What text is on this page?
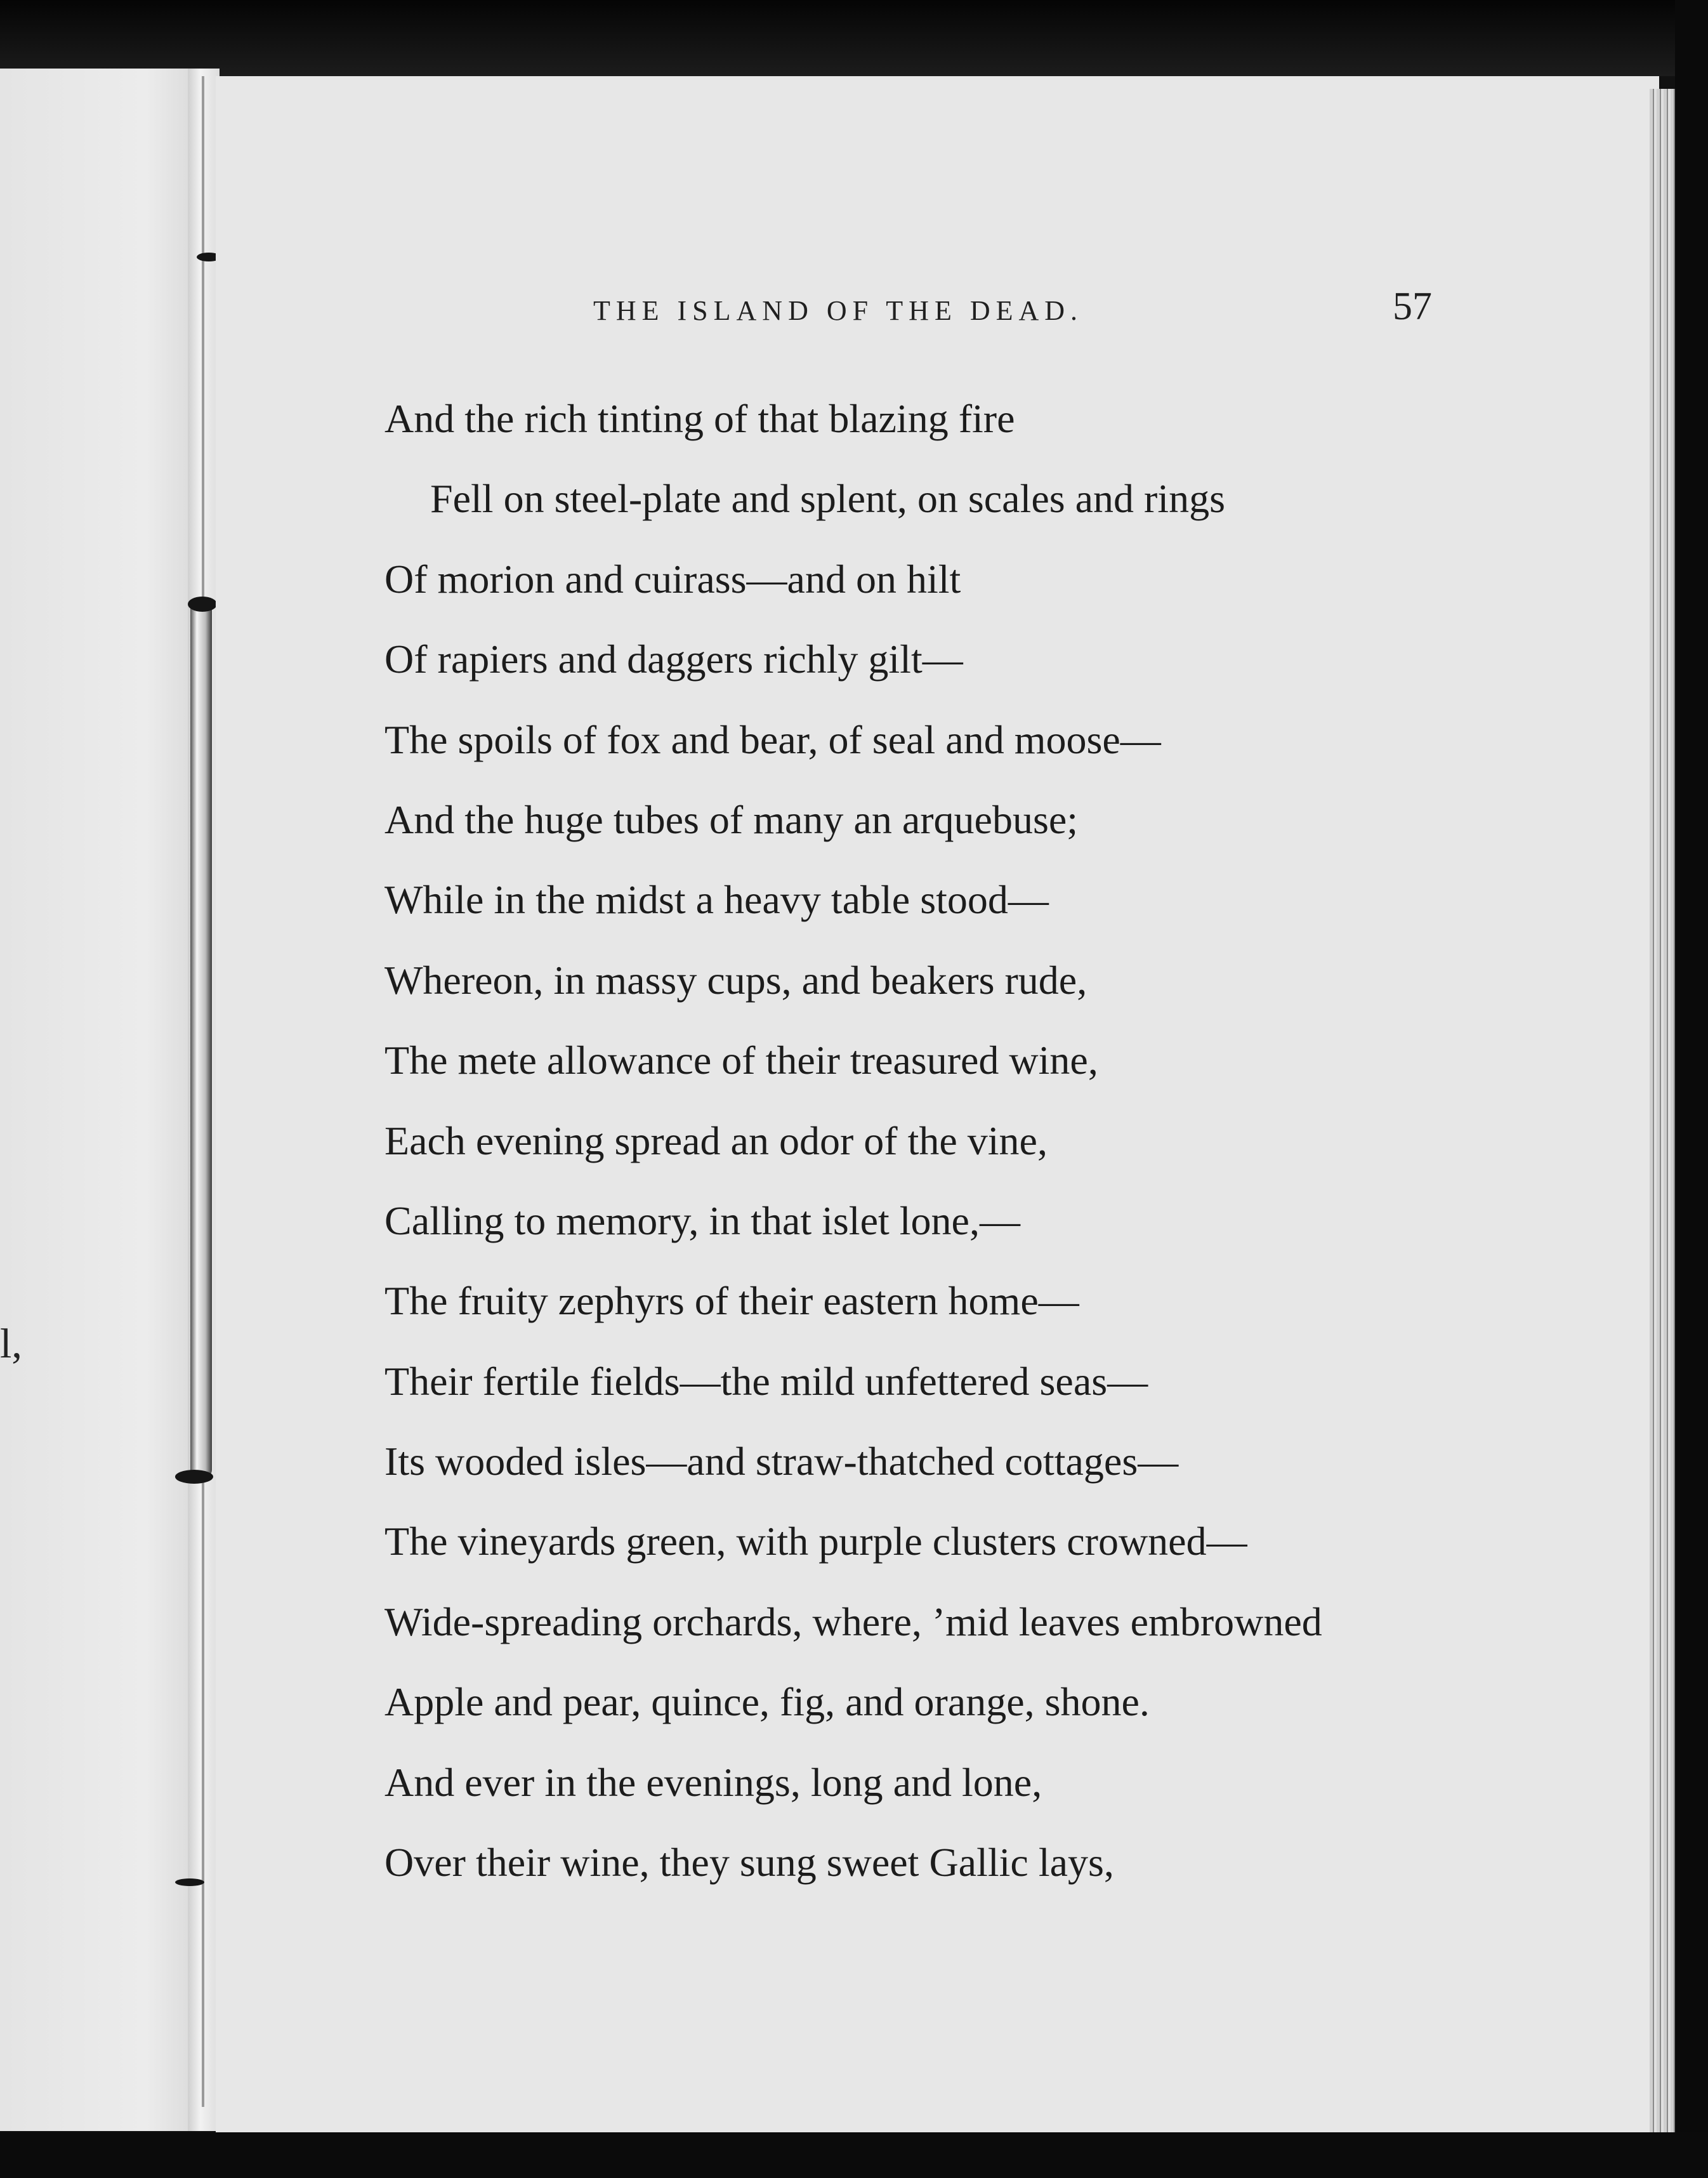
l,
THE ISLAND OF THE DEAD.	57
And the rich tinting of that blazing fire
Fell on steel-plate and splent, on scales and rings
Of morion and cuirass—and on hilt
Of rapiers and daggers richly gilt—
The spoils of fox and bear, of seal and moose—
And the huge tubes of many an arquebuse;
While in the midst a heavy table stood—
Whereon, in massy cups, and beakers rude,
The mete allowance of their treasured wine,
Each evening spread an odor of the vine,
Calling to memory, in that islet lone,—
The fruity zephyrs of their eastern home—
Their fertile fields—the mild unfettered seas—
Its wooded isles—and straw-thatched cottages—
The vineyards green, with purple clusters crowned—
Wide-spreading orchards, where, ’mid leaves embrowned
Apple and pear, quince, fig, and orange, shone.
And ever in the evenings, long and lone,
Over their wine, they sung sweet Gallic lays,
